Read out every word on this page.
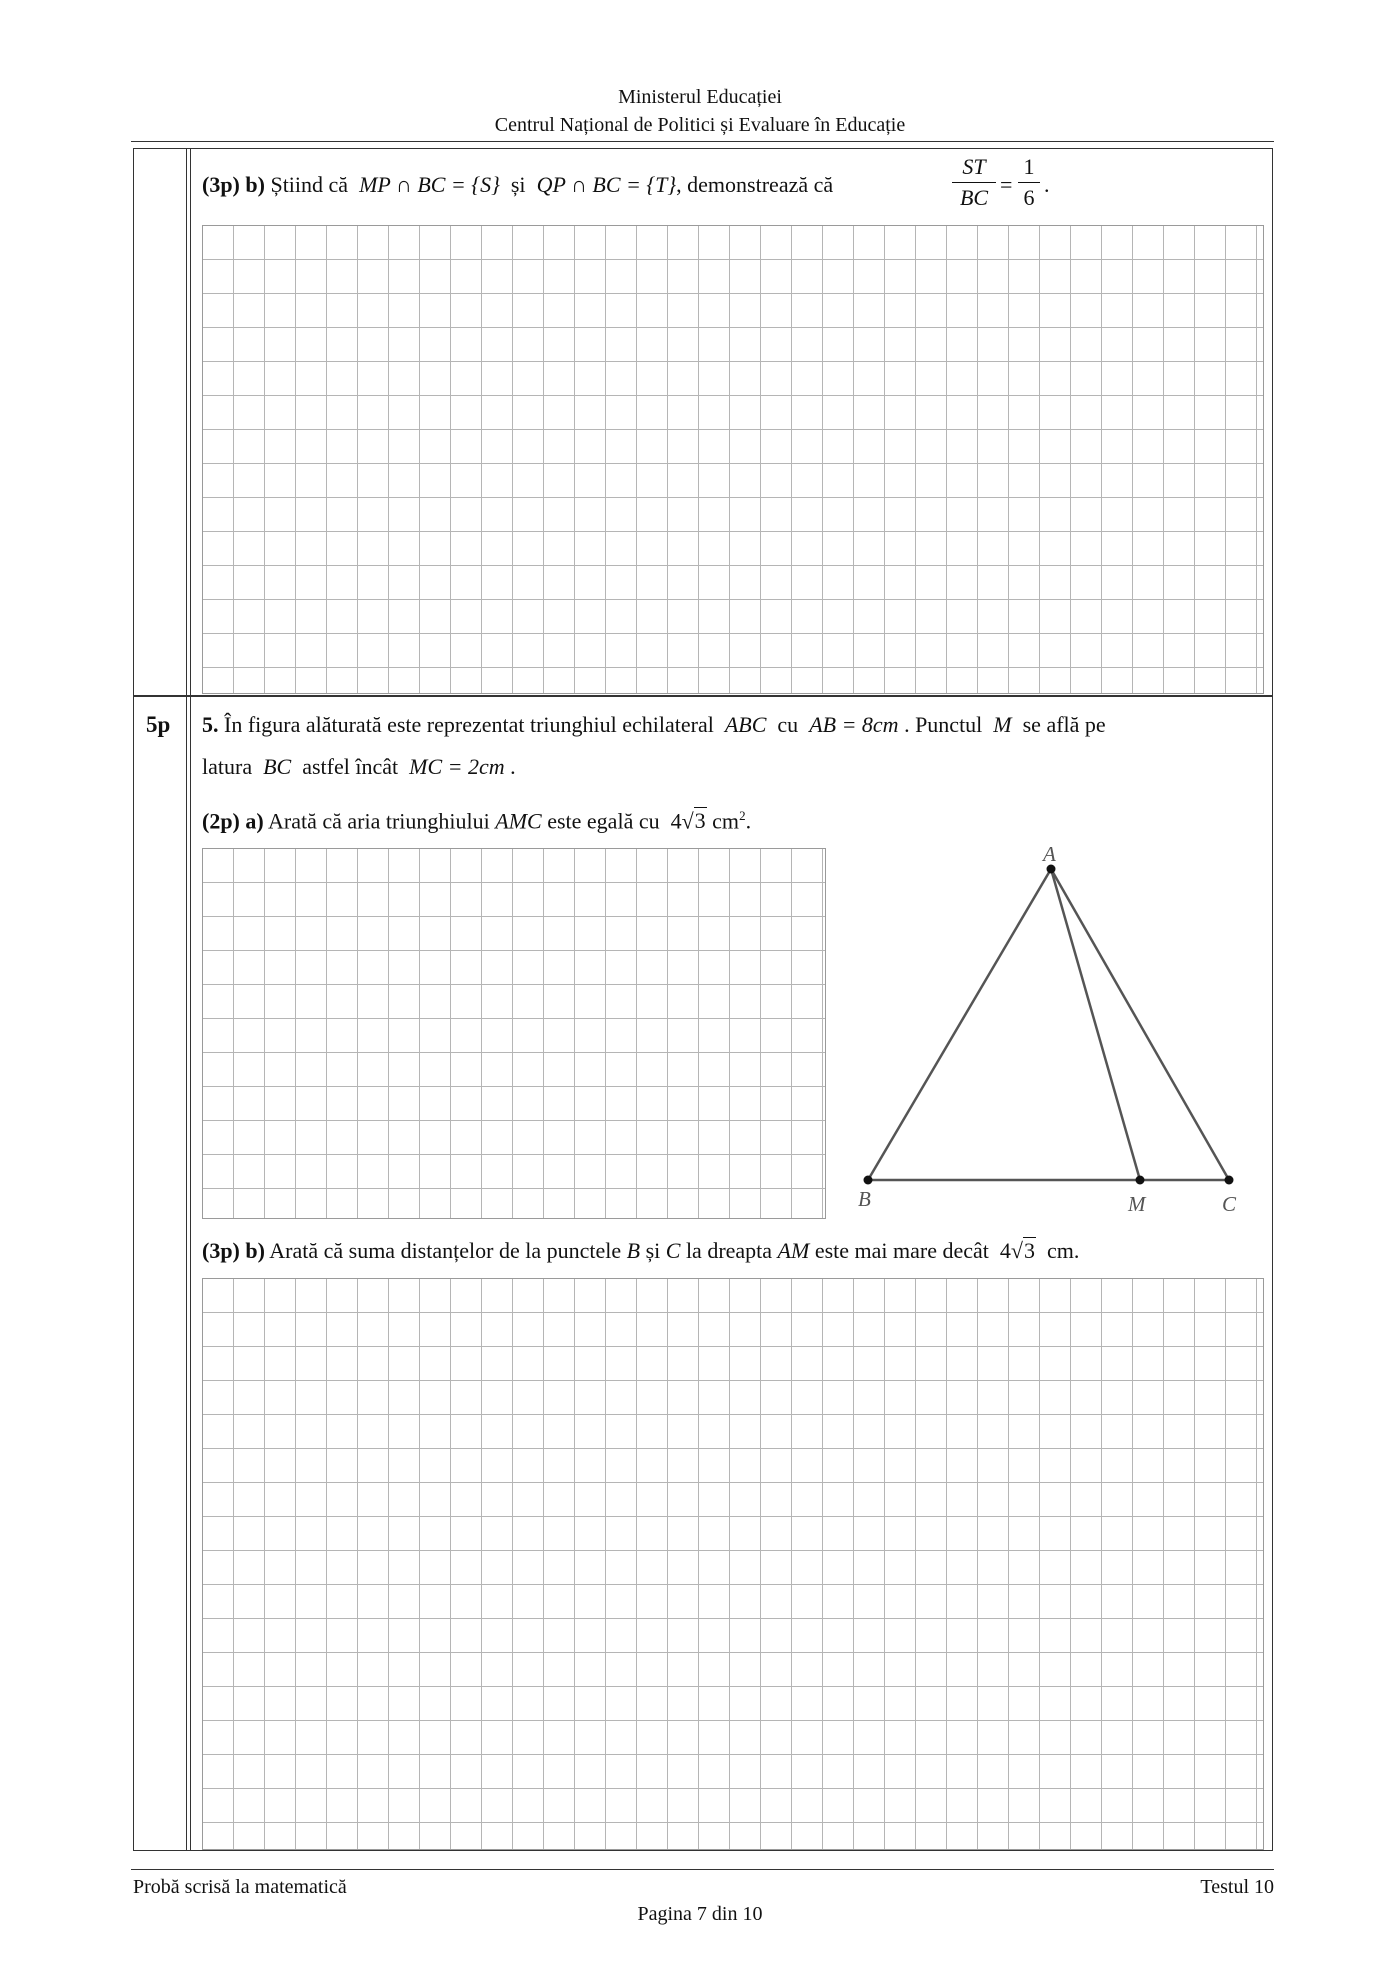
Ministerul Educației
Centrul Național de Politici și Evaluare în Educație
(3p) b) Știind că MP ∩ BC = {S} și QP ∩ BC = {T}, demonstrează că
ST
BC
=
1
6
.
5p 5. În figura alăturată este reprezentat triunghiul echilateral ABC cu AB = 8cm . Punctul M se află pe
latura BC astfel încât MC = 2cm .
(2p) a) Arată că aria triunghiului AMC este egală cu 4√3 $cm^2$.
A
B	M	C
(3p) b) Arată că suma distanțelor de la punctele B și C la dreapta AM este mai mare decât 4√3 cm.
Probă scrisă la matematică	Testul 10
Pagina 7 din 10
